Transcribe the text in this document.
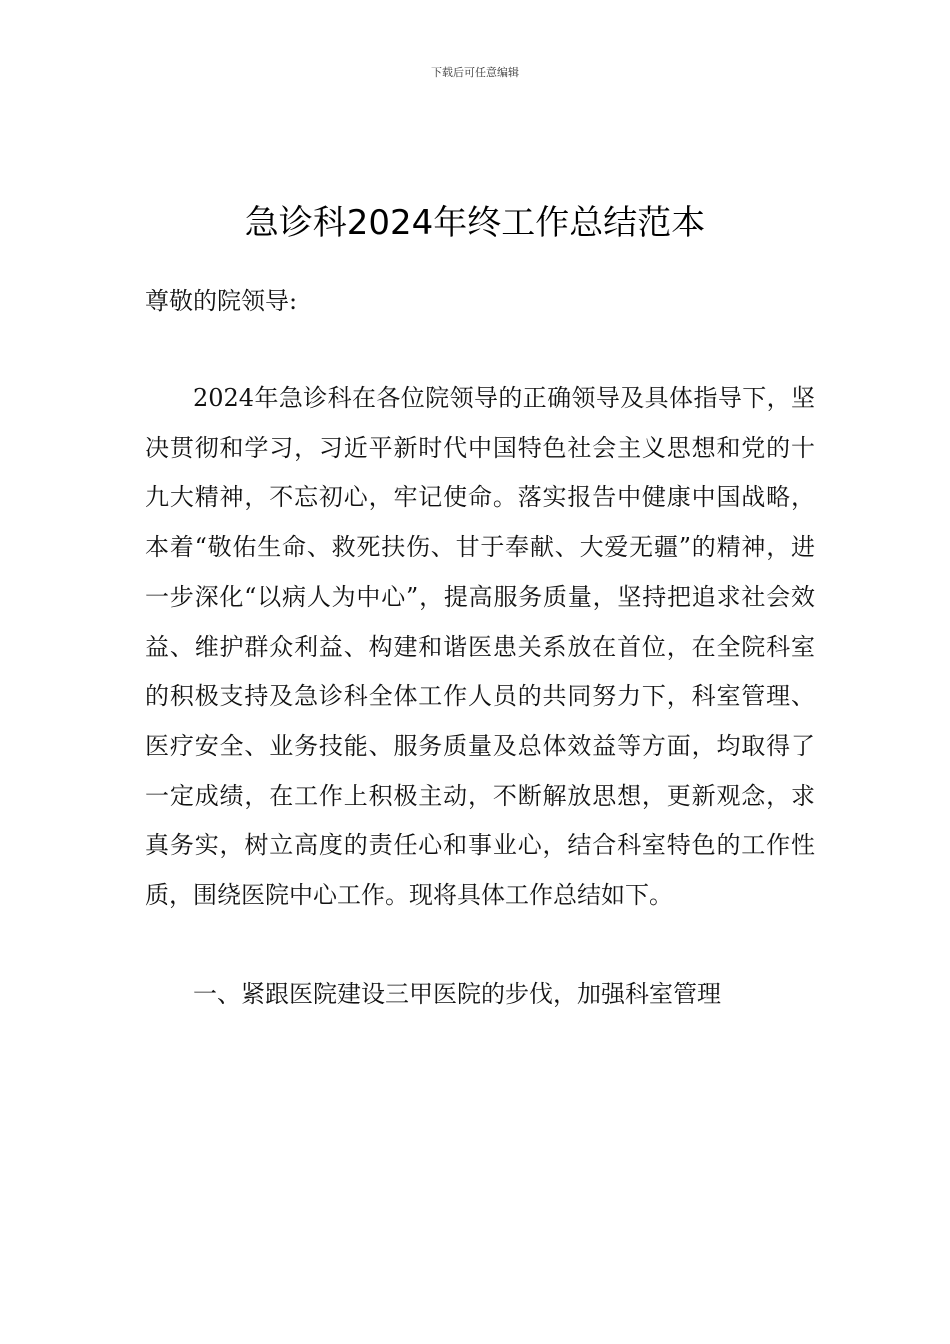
下载后可任意编辑
急诊科2024年终工作总结范本

尊敬的院领导:

2024年急诊科在各位院领导的正确领导及具体指导下，坚决贯彻和学习，习近平新时代中国特色社会主义思想和党的十九大精神，不忘初心，牢记使命。落实报告中健康中国战略，本着“敬佑生命、救死扶伤、甘于奉献、大爱无疆”的精神，进一步深化“以病人为中心”，提高服务质量，坚持把追求社会效益、维护群众利益、构建和谐医患关系放在首位，在全院科室的积极支持及急诊科全体工作人员的共同努力下，科室管理、医疗安全、业务技能、服务质量及总体效益等方面，均取得了一定成绩，在工作上积极主动，不断解放思想，更新观念，求真务实，树立高度的责任心和事业心，结合科室特色的工作性质，围绕医院中心工作。现将具体工作总结如下。

一、紧跟医院建设三甲医院的步伐，加强科室管理
